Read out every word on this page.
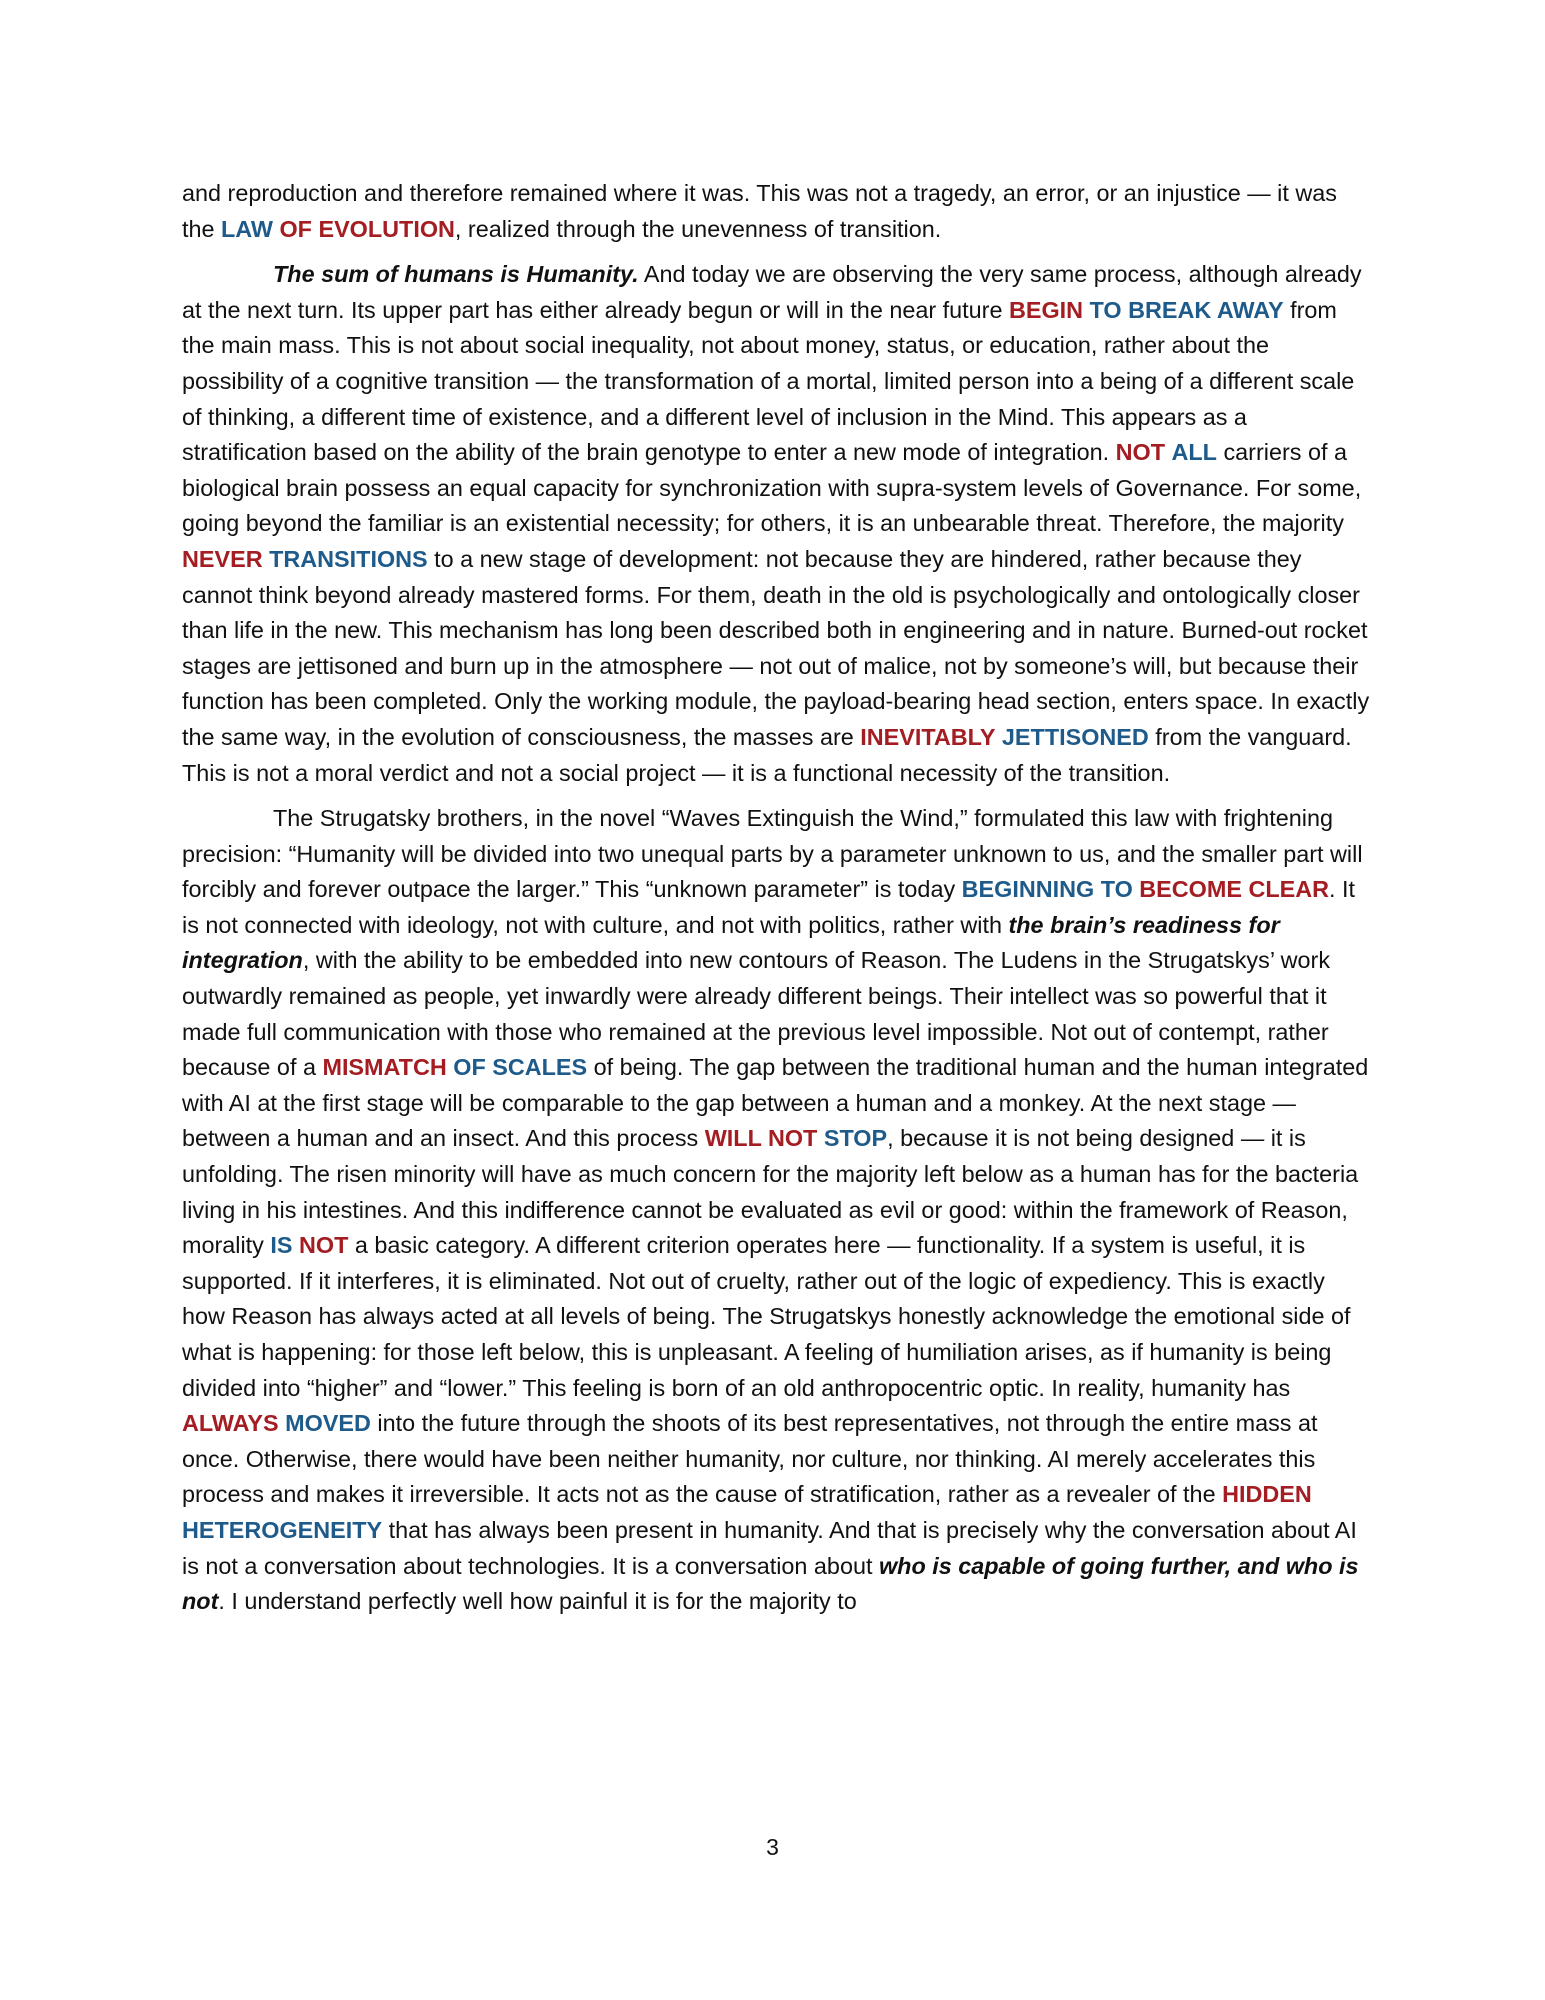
and reproduction and therefore remained where it was. This was not a tragedy, an error, or an injustice — it was the LAW OF EVOLUTION, realized through the unevenness of transition.

The sum of humans is Humanity. And today we are observing the very same process, although already at the next turn. Its upper part has either already begun or will in the near future BEGIN TO BREAK AWAY from the main mass. This is not about social inequality, not about money, status, or education, rather about the possibility of a cognitive transition — the transformation of a mortal, limited person into a being of a different scale of thinking, a different time of existence, and a different level of inclusion in the Mind. This appears as a stratification based on the ability of the brain genotype to enter a new mode of integration. NOT ALL carriers of a biological brain possess an equal capacity for synchronization with supra-system levels of Governance. For some, going beyond the familiar is an existential necessity; for others, it is an unbearable threat. Therefore, the majority NEVER TRANSITIONS to a new stage of development: not because they are hindered, rather because they cannot think beyond already mastered forms. For them, death in the old is psychologically and ontologically closer than life in the new. This mechanism has long been described both in engineering and in nature. Burned-out rocket stages are jettisoned and burn up in the atmosphere — not out of malice, not by someone’s will, but because their function has been completed. Only the working module, the payload-bearing head section, enters space. In exactly the same way, in the evolution of consciousness, the masses are INEVITABLY JETTISONED from the vanguard. This is not a moral verdict and not a social project — it is a functional necessity of the transition.

The Strugatsky brothers, in the novel “Waves Extinguish the Wind,” formulated this law with frightening precision: “Humanity will be divided into two unequal parts by a parameter unknown to us, and the smaller part will forcibly and forever outpace the larger.” This “unknown parameter” is today BEGINNING TO BECOME CLEAR. It is not connected with ideology, not with culture, and not with politics, rather with the brain’s readiness for integration, with the ability to be embedded into new contours of Reason. The Ludens in the Strugatskys’ work outwardly remained as people, yet inwardly were already different beings. Their intellect was so powerful that it made full communication with those who remained at the previous level impossible. Not out of contempt, rather because of a MISMATCH OF SCALES of being. The gap between the traditional human and the human integrated with AI at the first stage will be comparable to the gap between a human and a monkey. At the next stage — between a human and an insect. And this process WILL NOT STOP, because it is not being designed — it is unfolding. The risen minority will have as much concern for the majority left below as a human has for the bacteria living in his intestines. And this indifference cannot be evaluated as evil or good: within the framework of Reason, morality IS NOT a basic category. A different criterion operates here — functionality. If a system is useful, it is supported. If it interferes, it is eliminated. Not out of cruelty, rather out of the logic of expediency. This is exactly how Reason has always acted at all levels of being. The Strugatskys honestly acknowledge the emotional side of what is happening: for those left below, this is unpleasant. A feeling of humiliation arises, as if humanity is being divided into “higher” and “lower.” This feeling is born of an old anthropocentric optic. In reality, humanity has ALWAYS MOVED into the future through the shoots of its best representatives, not through the entire mass at once. Otherwise, there would have been neither humanity, nor culture, nor thinking. AI merely accelerates this process and makes it irreversible. It acts not as the cause of stratification, rather as a revealer of the HIDDEN HETEROGENEITY that has always been present in humanity. And that is precisely why the conversation about AI is not a conversation about technologies. It is a conversation about who is capable of going further, and who is not. I understand perfectly well how painful it is for the majority to

3
